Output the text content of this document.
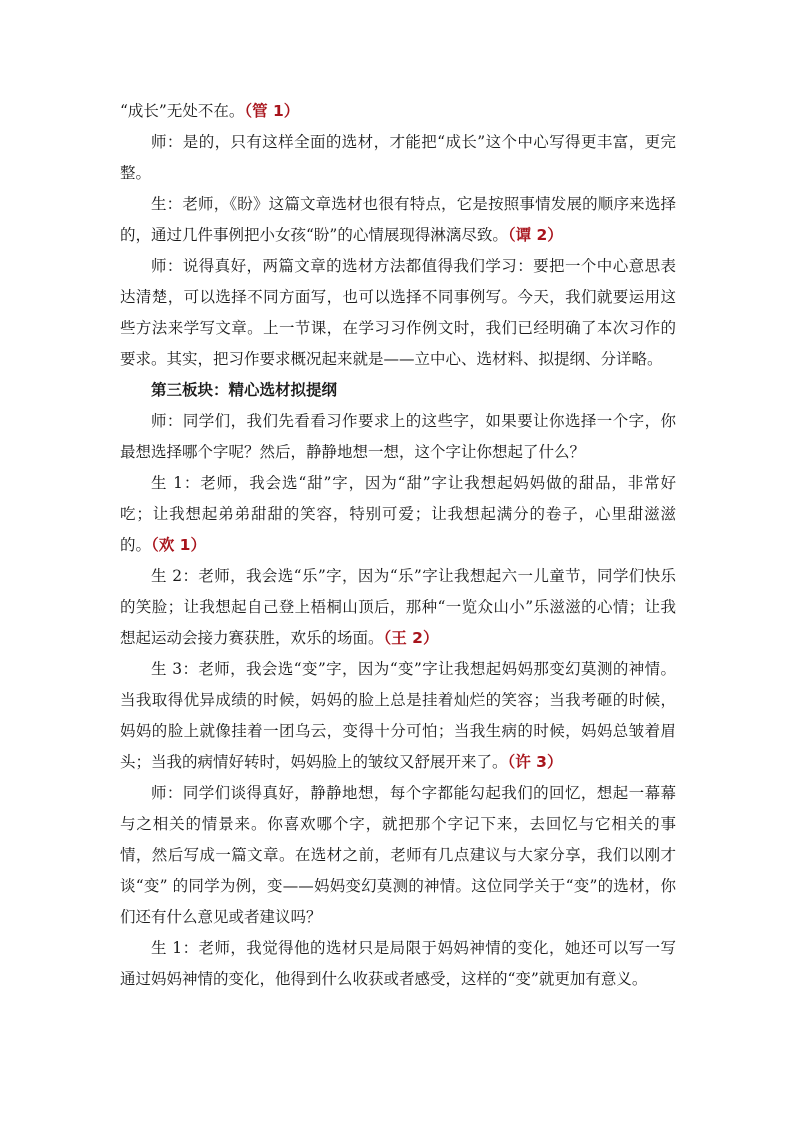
“成长”无处不在。（管 1）

师：是的，只有这样全面的选材，才能把“成长”这个中心写得更丰富，更完整。

生：老师，《盼》这篇文章选材也很有特点，它是按照事情发展的顺序来选择的，通过几件事例把小女孩“盼”的心情展现得淋漓尽致。（谭 2）

师：说得真好，两篇文章的选材方法都值得我们学习：要把一个中心意思表达清楚，可以选择不同方面写，也可以选择不同事例写。今天，我们就要运用这些方法来学写文章。上一节课，在学习习作例文时，我们已经明确了本次习作的要求。其实，把习作要求概况起来就是——立中心、选材料、拟提纲、分详略。

第三板块：精心选材拟提纲

师：同学们，我们先看看习作要求上的这些字，如果要让你选择一个字，你最想选择哪个字呢？然后，静静地想一想，这个字让你想起了什么？

生 1：老师，我会选“甜”字，因为“甜”字让我想起妈妈做的甜品，非常好吃；让我想起弟弟甜甜的笑容，特别可爱；让我想起满分的卷子，心里甜滋滋的。（欢 1）

生 2：老师，我会选“乐”字，因为“乐”字让我想起六一儿童节，同学们快乐的笑脸；让我想起自己登上梧桐山顶后，那种“一览众山小”乐滋滋的心情；让我想起运动会接力赛获胜，欢乐的场面。（王 2）

生 3：老师，我会选“变”字，因为“变”字让我想起妈妈那变幻莫测的神情。当我取得优异成绩的时候，妈妈的脸上总是挂着灿烂的笑容；当我考砸的时候，妈妈的脸上就像挂着一团乌云，变得十分可怕；当我生病的时候，妈妈总皱着眉头；当我的病情好转时，妈妈脸上的皱纹又舒展开来了。（许 3）

师：同学们谈得真好，静静地想，每个字都能勾起我们的回忆，想起一幕幕与之相关的情景来。你喜欢哪个字，就把那个字记下来，去回忆与它相关的事情，然后写成一篇文章。在选材之前，老师有几点建议与大家分享，我们以刚才谈“变” 的同学为例，变——妈妈变幻莫测的神情。这位同学关于“变”的选材，你们还有什么意见或者建议吗？

生 1：老师，我觉得他的选材只是局限于妈妈神情的变化，她还可以写一写通过妈妈神情的变化，他得到什么收获或者感受，这样的“变”就更加有意义。
